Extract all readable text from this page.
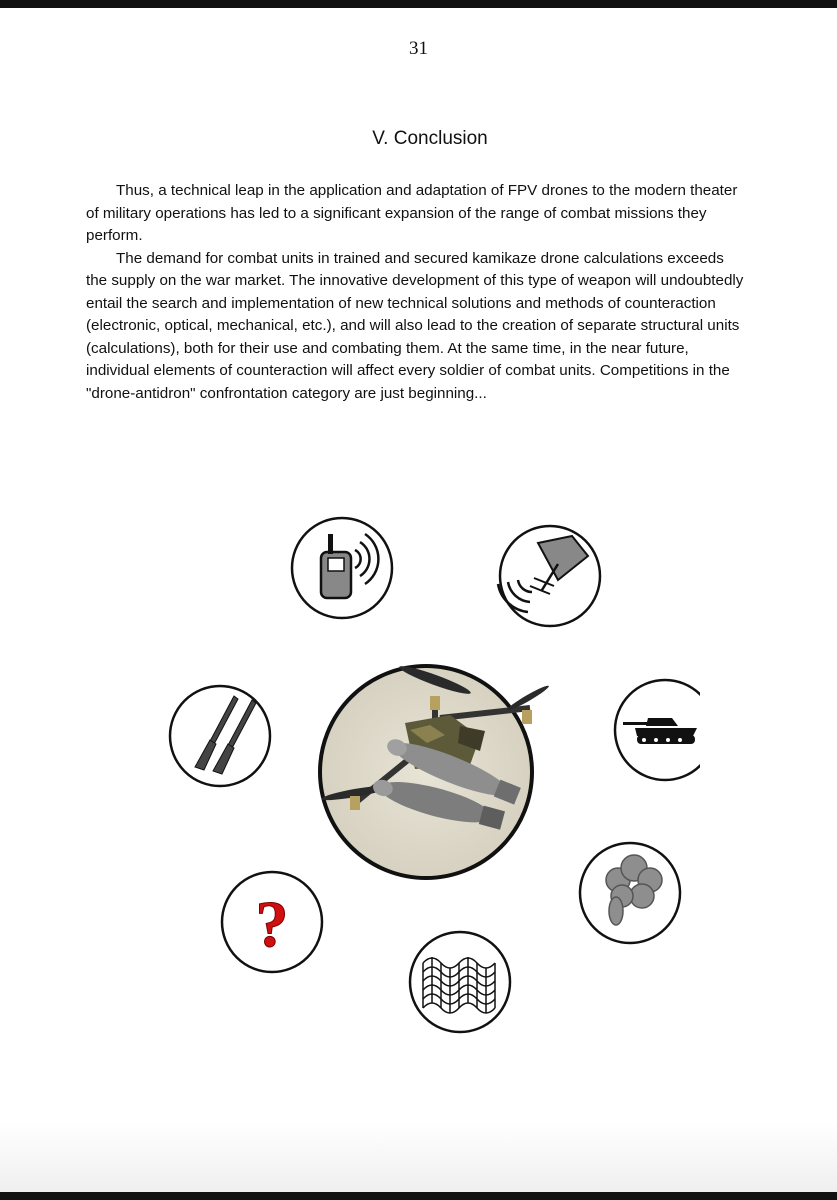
31
V. Conclusion

Thus, a technical leap in the application and adaptation of FPV drones to the modern theater of military operations has led to a significant expansion of the range of combat missions they perform.

The demand for combat units in trained and secured kamikaze drone calculations exceeds the supply on the war market. The innovative development of this type of weapon will undoubtedly entail the search and implementation of new technical solutions and methods of counteraction (electronic, optical, mechanical, etc.), and will also lead to the creation of separate structural units (calculations), both for their use and combating them. At the same time, in the near future, individual elements of counteraction will affect every soldier of combat units. Competitions in the "drone-antidron" confrontation category are just beginning...

?
